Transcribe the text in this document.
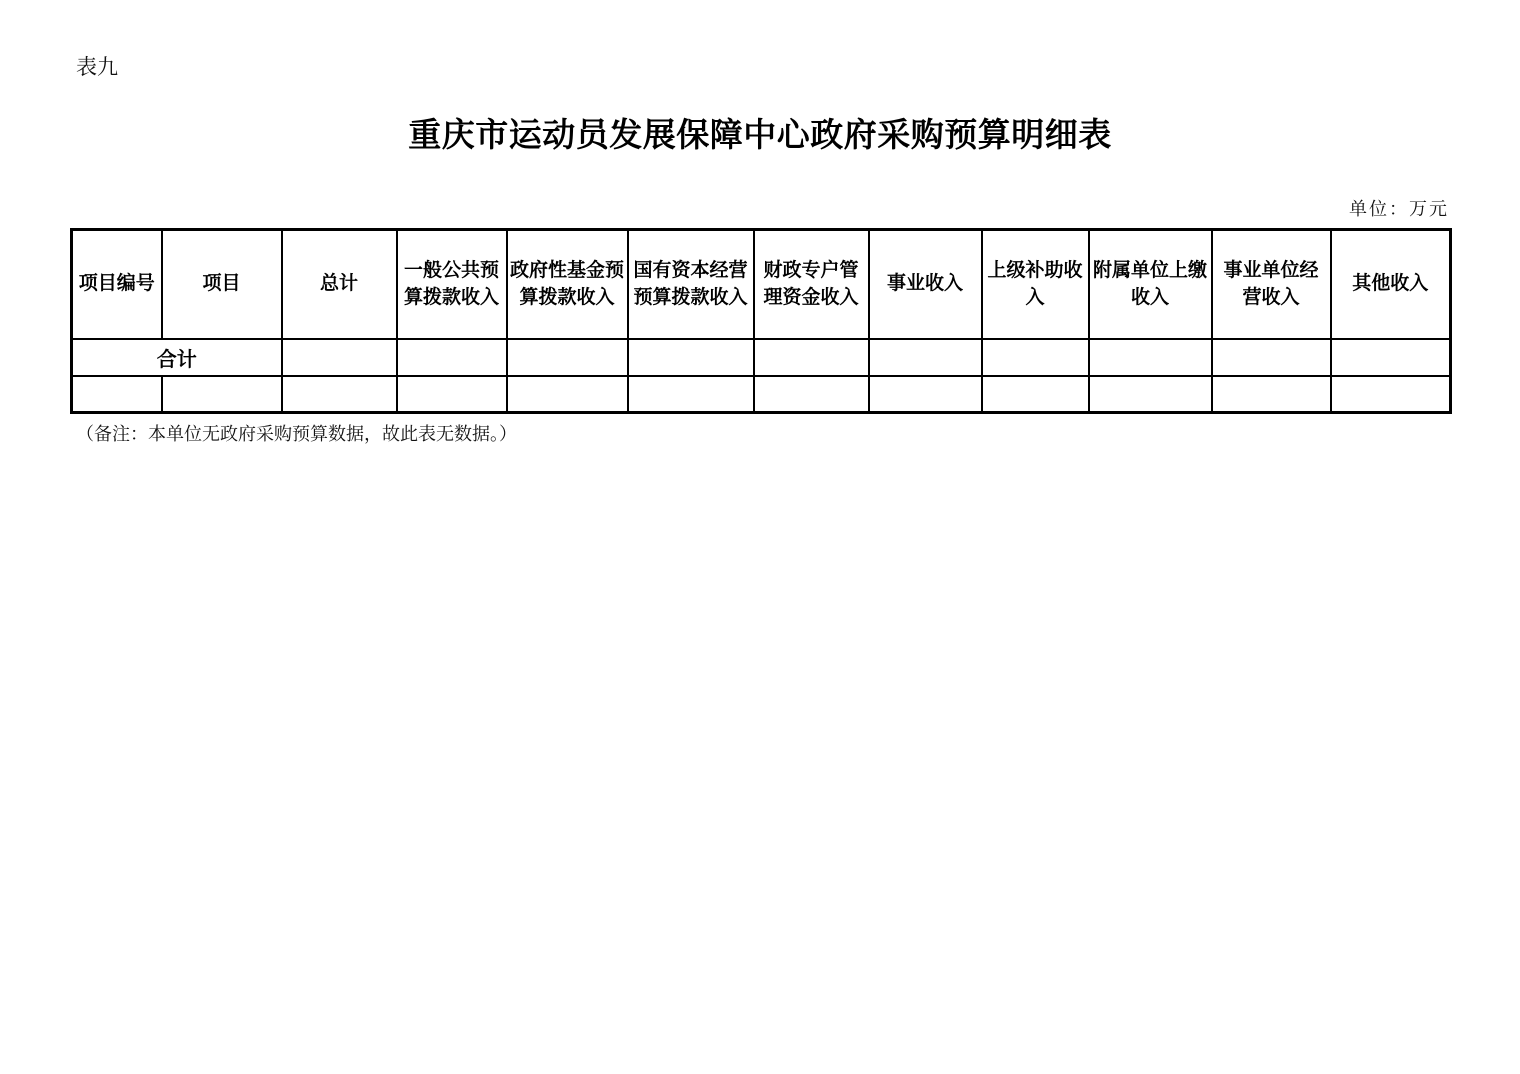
表九
重庆市运动员发展保障中心政府采购预算明细表
单位：万元
项目编号	项目	总计	一般公共预算拨款收入	政府性基金预算拨款收入	国有资本经营预算拨款收入	财政专户管理资金收入	事业收入	上级补助收入	附属单位上缴收入	事业单位经营收入	其他收入
合计											

（备注：本单位无政府采购预算数据，故此表无数据。）
